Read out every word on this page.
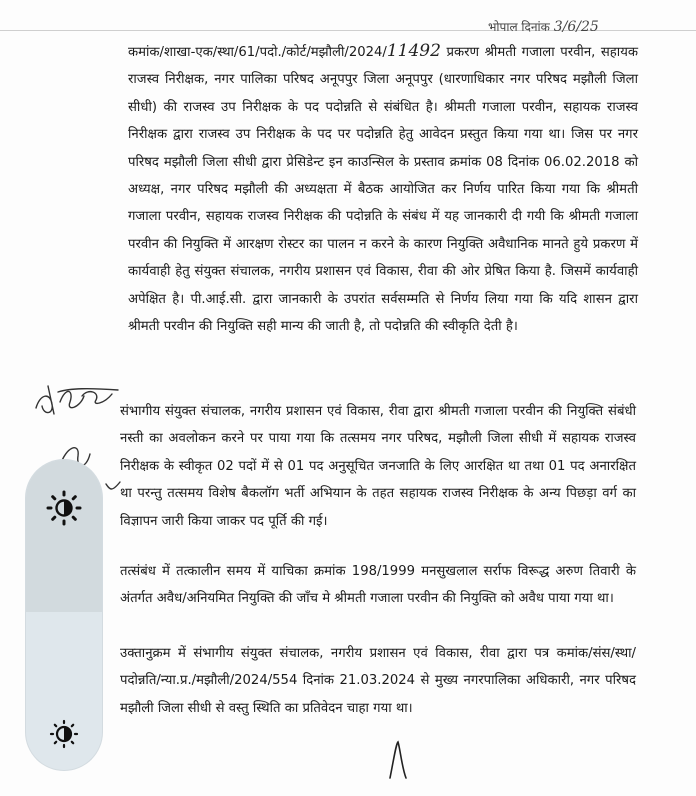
भोपाल दिनांक 3/6/25

कमांक/शाखा-एक/स्था/61/पदो./कोर्ट/मझौली/2024/11492 प्रकरण श्रीमती गजाला परवीन, सहायक राजस्व निरीक्षक, नगर पालिका परिषद अनूपपुर जिला अनूपपुर (धारणाधिकार नगर परिषद मझौली जिला सीधी) की राजस्व उप निरीक्षक के पद पदोन्नति से संबंधित है। श्रीमती गजाला परवीन, सहायक राजस्व निरीक्षक द्वारा राजस्व उप निरीक्षक के पद पर पदोन्नति हेतु आवेदन प्रस्तुत किया गया था। जिस पर नगर परिषद मझौली जिला सीधी द्वारा प्रेसिडेन्ट इन काउन्सिल के प्रस्ताव क्रमांक 08 दिनांक 06.02.2018 को अध्यक्ष, नगर परिषद मझौली की अध्यक्षता में बैठक आयोजित कर निर्णय पारित किया गया कि श्रीमती गजाला परवीन, सहायक राजस्व निरीक्षक की पदोन्नति के संबंध में यह जानकारी दी गयी कि श्रीमती गजाला परवीन की नियुक्ति में आरक्षण रोस्टर का पालन न करने के कारण नियुक्ति अवैधानिक मानते हुये प्रकरण में कार्यवाही हेतु संयुक्त संचालक, नगरीय प्रशासन एवं विकास, रीवा की ओर प्रेषित किया है. जिसमें कार्यवाही अपेक्षित है। पी.आई.सी. द्वारा जानकारी के उपरांत सर्वसम्मति से निर्णय लिया गया कि यदि शासन द्वारा श्रीमती परवीन की नियुक्ति सही मान्य की जाती है, तो पदोन्नति की स्वीकृति देती है।

संभागीय संयुक्त संचालक, नगरीय प्रशासन एवं विकास, रीवा द्वारा श्रीमती गजाला परवीन की नियुक्ति संबंधी नस्ती का अवलोकन करने पर पाया गया कि तत्समय नगर परिषद, मझौली जिला सीधी में सहायक राजस्व निरीक्षक के स्वीकृत 02 पदों में से 01 पद अनुसूचित जनजाति के लिए आरक्षित था तथा 01 पद अनारक्षित था परन्तु तत्समय विशेष बैकलॉग भर्ती अभियान के तहत सहायक राजस्व निरीक्षक के अन्य पिछड़ा वर्ग का विज्ञापन जारी किया जाकर पद पूर्ति की गई।

तत्संबंध में तत्कालीन समय में याचिका क्रमांक 198/1999 मनसुखलाल सर्राफ विरूद्ध अरुण तिवारी के अंतर्गत अवैध/अनियमित नियुक्ति की जाँच मे श्रीमती गजाला परवीन की नियुक्ति को अवैध पाया गया था।

उक्तानुक्रम में संभागीय संयुक्त संचालक, नगरीय प्रशासन एवं विकास, रीवा द्वारा पत्र कमांक/संस/स्था/पदोन्नति/न्या.प्र./मझौली/2024/554 दिनांक 21.03.2024 से मुख्य नगरपालिका अधिकारी, नगर परिषद मझौली जिला सीधी से वस्तु स्थिति का प्रतिवेदन चाहा गया था।
